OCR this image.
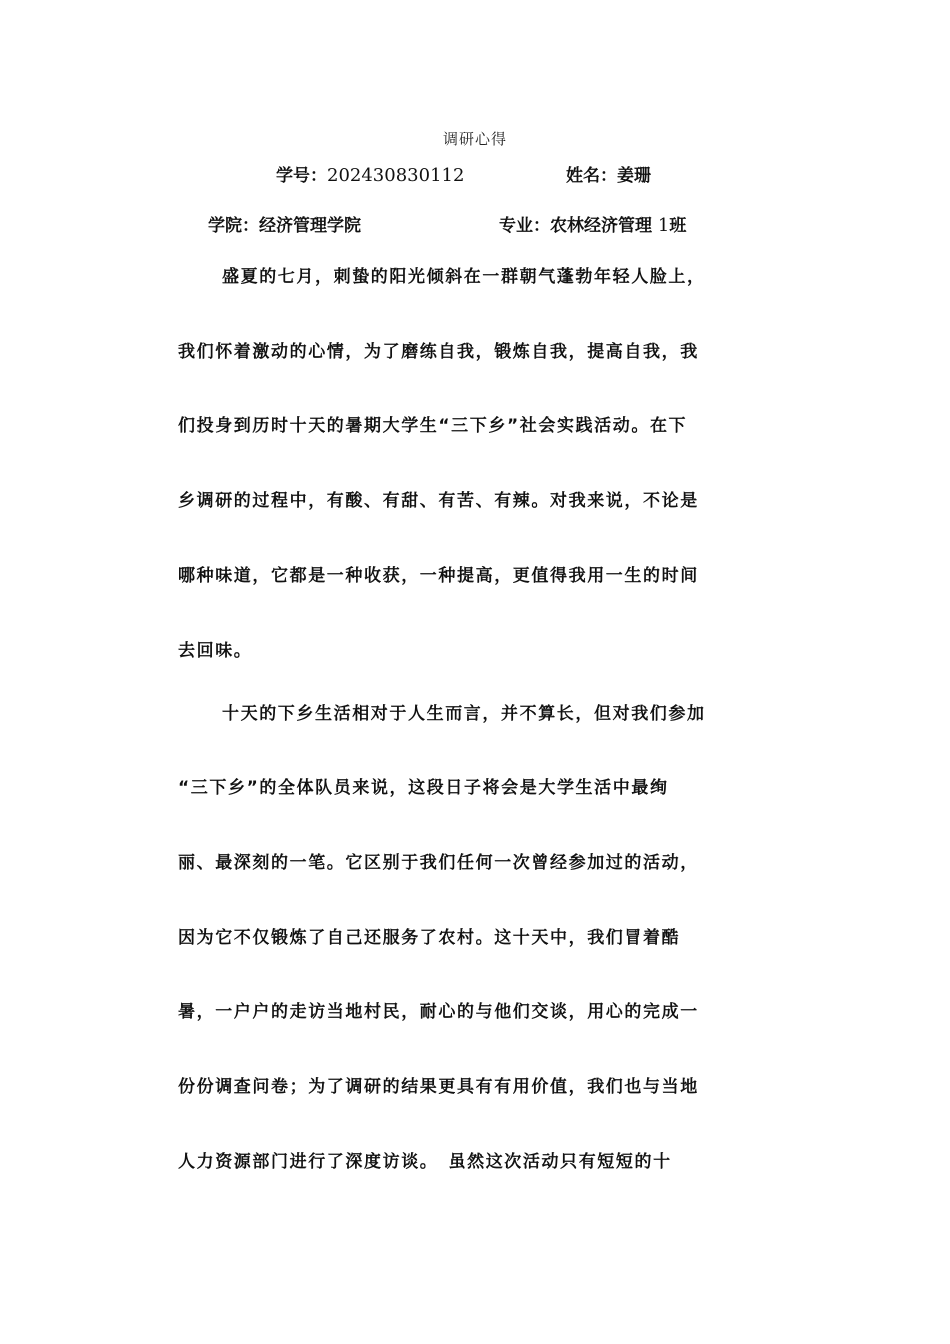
调研心得
学号：202430830112	姓名：姜珊
学院：经济管理学院	专业：农林经济管理 1班
盛夏的七月，刺蛰的阳光倾斜在一群朝气蓬勃年轻人脸上，
我们怀着激动的心情，为了磨练自我，锻炼自我，提高自我，我
们投身到历时十天的暑期大学生“三下乡”社会实践活动。在下
乡调研的过程中，有酸、有甜、有苦、有辣。对我来说，不论是
哪种味道，它都是一种收获，一种提高，更值得我用一生的时间
去回味。
十天的下乡生活相对于人生而言，并不算长，但对我们参加
“三下乡”的全体队员来说，这段日子将会是大学生活中最绚
丽、最深刻的一笔。它区别于我们任何一次曾经参加过的活动，
因为它不仅锻炼了自己还服务了农村。这十天中，我们冒着酷
暑，一户户的走访当地村民，耐心的与他们交谈，用心的完成一
份份调查问卷；为了调研的结果更具有有用价值，我们也与当地
人力资源部门进行了深度访谈。　虽然这次活动只有短短的十
